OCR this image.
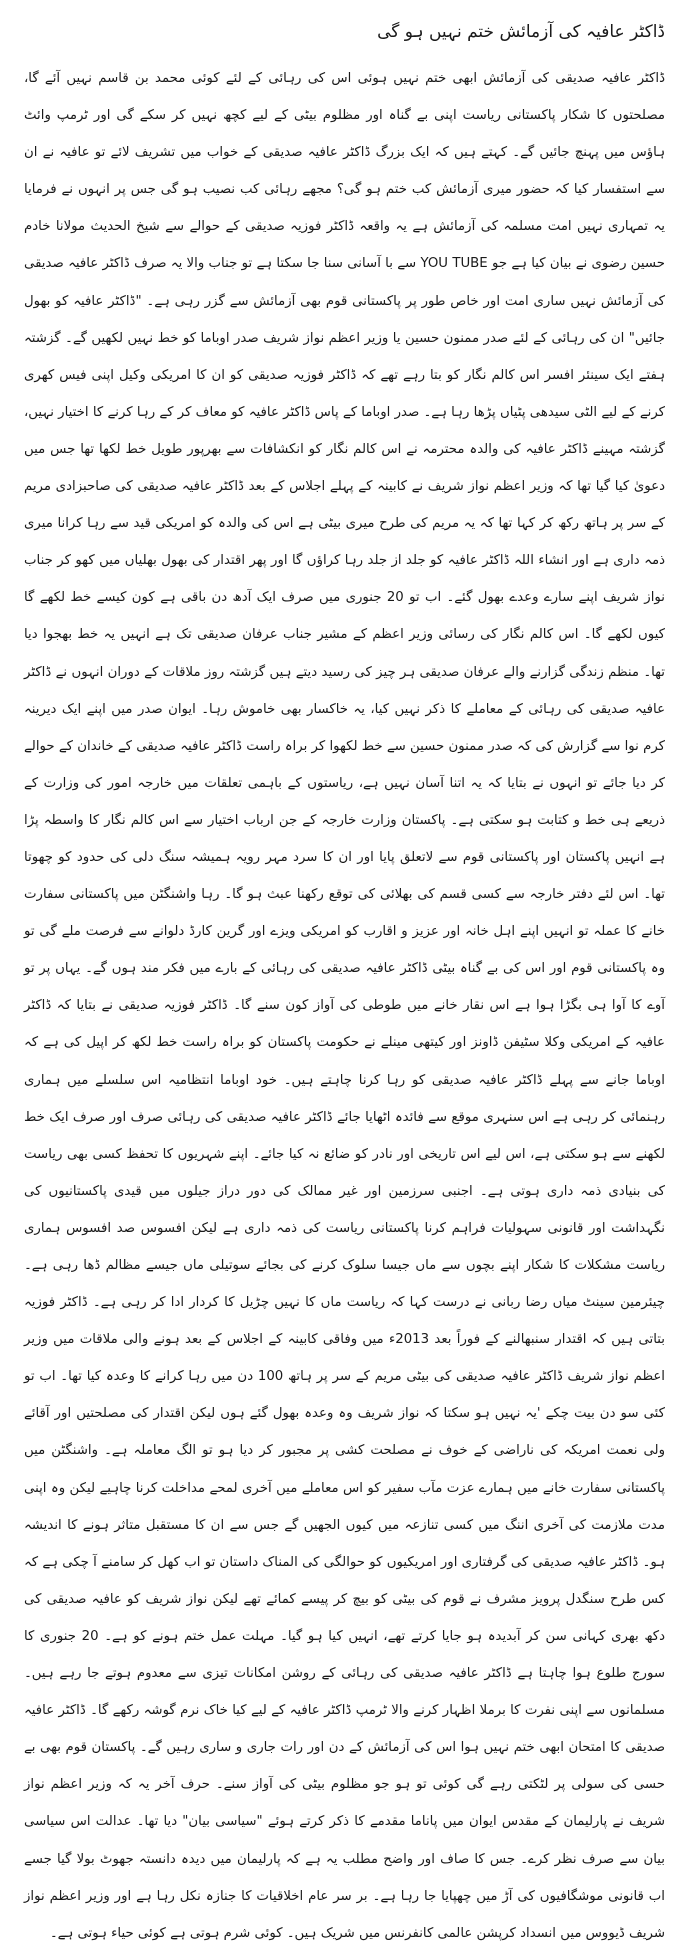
ڈاکٹر عافیہ کی آزمائش ختم نہیں ہو گی

ڈاکٹر عافیہ صدیقی کی آزمائش ابھی ختم نہیں ہوئی اس کی رہائی کے لئے کوئی محمد بن قاسم نہیں آئے گا، مصلحتوں کا شکار پاکستانی ریاست اپنی بے گناہ اور مظلوم بیٹی کے لیے کچھ نہیں کر سکے گی اور ٹرمپ وائٹ ہاؤس میں پہنچ جائیں گے۔ کہتے ہیں کہ ایک بزرگ ڈاکٹر عافیہ صدیقی کے خواب میں تشریف لائے تو عافیہ نے ان سے استفسار کیا کہ حضور میری آزمائش کب ختم ہو گی؟ مجھے رہائی کب نصیب ہو گی جس پر انہوں نے فرمایا یہ تمہاری نہیں امت مسلمہ کی آزمائش ہے یہ واقعہ ڈاکٹر فوزیہ صدیقی کے حوالے سے شیخ الحدیث مولانا خادم حسین رضوی نے بیان کیا ہے جو YOU TUBE سے با آسانی سنا جا سکتا ہے تو جناب والا یہ صرف ڈاکٹر عافیہ صدیقی کی آزمائش نہیں ساری امت اور خاص طور پر پاکستانی قوم بھی آزمائش سے گزر رہی ہے۔ "ڈاکٹر عافیہ کو بھول جائیں" ان کی رہائی کے لئے صدر ممنون حسین یا وزیر اعظم نواز شریف صدر اوباما کو خط نہیں لکھیں گے۔ گزشتہ ہفتے ایک سینئر افسر اس کالم نگار کو بتا رہے تھے کہ ڈاکٹر فوزیہ صدیقی کو ان کا امریکی وکیل اپنی فیس کھری کرنے کے لیے الٹی سیدھی پٹیاں پڑھا رہا ہے۔ صدر اوباما کے پاس ڈاکٹر عافیہ کو معاف کر کے رہا کرنے کا اختیار نہیں، گزشتہ مہینے ڈاکٹر عافیہ کی والدہ محترمہ نے اس کالم نگار کو انکشافات سے بھرپور طویل خط لکھا تھا جس میں دعویٰ کیا گیا تھا کہ وزیر اعظم نواز شریف نے کابینہ کے پہلے اجلاس کے بعد ڈاکٹر عافیہ صدیقی کی صاحبزادی مریم کے سر پر ہاتھ رکھ کر کہا تھا کہ یہ مریم کی طرح میری بیٹی ہے اس کی والدہ کو امریکی قید سے رہا کرانا میری ذمہ داری ہے اور انشاء اللہ ڈاکٹر عافیہ کو جلد از جلد رہا کراؤں گا اور پھر اقتدار کی بھول بھلیاں میں کھو کر جناب نواز شریف اپنے سارے وعدے بھول گئے۔ اب تو 20 جنوری میں صرف ایک آدھ دن باقی ہے کون کیسے خط لکھے گا کیوں لکھے گا۔ اس کالم نگار کی رسائی وزیر اعظم کے مشیر جناب عرفان صدیقی تک ہے انہیں یہ خط بھجوا دیا تھا۔ منظم زندگی گزارنے والے عرفان صدیقی ہر چیز کی رسید دیتے ہیں گزشتہ روز ملاقات کے دوران انہوں نے ڈاکٹر عافیہ صدیقی کی رہائی کے معاملے کا ذکر نہیں کیا، یہ خاکسار بھی خاموش رہا۔ ایوان صدر میں اپنے ایک دیرینہ کرم نوا سے گزارش کی کہ صدر ممنون حسین سے خط لکھوا کر براہ راست ڈاکٹر عافیہ صدیقی کے خاندان کے حوالے کر دیا جائے تو انہوں نے بتایا کہ یہ اتنا آسان نہیں ہے، ریاستوں کے باہمی تعلقات میں خارجہ امور کی وزارت کے ذریعے ہی خط و کتابت ہو سکتی ہے۔ پاکستان وزارت خارجہ کے جن ارباب اختیار سے اس کالم نگار کا واسطہ پڑا ہے انہیں پاکستان اور پاکستانی قوم سے لاتعلق پایا اور ان کا سرد مہر رویہ ہمیشہ سنگ دلی کی حدود کو چھوتا تھا۔ اس لئے دفتر خارجہ سے کسی قسم کی بھلائی کی توقع رکھنا عبث ہو گا۔ رہا واشنگٹن میں پاکستانی سفارت خانے کا عملہ تو انہیں اپنے اہل خانہ اور عزیز و اقارب کو امریکی ویزے اور گرین کارڈ دلوانے سے فرصت ملے گی تو وہ پاکستانی قوم اور اس کی بے گناہ بیٹی ڈاکٹر عافیہ صدیقی کی رہائی کے بارے میں فکر مند ہوں گے۔ یہاں پر تو آوے کا آوا ہی بگڑا ہوا ہے اس نقار خانے میں طوطی کی آواز کون سنے گا۔ ڈاکٹر فوزیہ صدیقی نے بتایا کہ ڈاکٹر عافیہ کے امریکی وکلا سٹیفن ڈاونز اور کیتھی مینلے نے حکومت پاکستان کو براہ راست خط لکھ کر اپیل کی ہے کہ اوباما جانے سے پہلے ڈاکٹر عافیہ صدیقی کو رہا کرنا چاہتے ہیں۔ خود اوباما انتظامیہ اس سلسلے میں ہماری رہنمائی کر رہی ہے اس سنہری موقع سے فائدہ اٹھایا جائے ڈاکٹر عافیہ صدیقی کی رہائی صرف اور صرف ایک خط لکھنے سے ہو سکتی ہے، اس لیے اس تاریخی اور نادر کو ضائع نہ کیا جائے۔ اپنے شہریوں کا تحفظ کسی بھی ریاست کی بنیادی ذمہ داری ہوتی ہے۔ اجنبی سرزمین اور غیر ممالک کی دور دراز جیلوں میں قیدی پاکستانیوں کی نگہداشت اور قانونی سہولیات فراہم کرنا پاکستانی ریاست کی ذمہ داری ہے لیکن افسوس صد افسوس ہماری ریاست مشکلات کا شکار اپنے بچوں سے ماں جیسا سلوک کرنے کی بجائے سوتیلی ماں جیسے مظالم ڈھا رہی ہے۔ چیئرمین سینٹ میاں رضا ربانی نے درست کہا کہ ریاست ماں کا نہیں چڑیل کا کردار ادا کر رہی ہے۔ ڈاکٹر فوزیہ بتاتی ہیں کہ اقتدار سنبھالنے کے فوراً بعد 2013ء میں وفاقی کابینہ کے اجلاس کے بعد ہونے والی ملاقات میں وزیر اعظم نواز شریف ڈاکٹر عافیہ صدیقی کی بیٹی مریم کے سر پر ہاتھ 100 دن میں رہا کرانے کا وعدہ کیا تھا۔ اب تو کئی سو دن بیت چکے 'یہ نہیں ہو سکتا کہ نواز شریف وہ وعدہ بھول گئے ہوں لیکن اقتدار کی مصلحتیں اور آقائے ولی نعمت امریکہ کی ناراضی کے خوف نے مصلحت کشی پر مجبور کر دیا ہو تو الگ معاملہ ہے۔ واشنگٹن میں پاکستانی سفارت خانے میں ہمارے عزت مآب سفیر کو اس معاملے میں آخری لمحے مداخلت کرنا چاہیے لیکن وہ اپنی مدت ملازمت کی آخری اننگ میں کسی تنازعہ میں کیوں الجھیں گے جس سے ان کا مستقبل متاثر ہونے کا اندیشہ ہو۔ ڈاکٹر عافیہ صدیقی کی گرفتاری اور امریکیوں کو حوالگی کی المناک داستان تو اب کھل کر سامنے آ چکی ہے کہ کس طرح سنگدل پرویز مشرف نے قوم کی بیٹی کو بیچ کر پیسے کمائے تھے لیکن نواز شریف کو عافیہ صدیقی کی دکھ بھری کہانی سن کر آبدیدہ ہو جایا کرتے تھے، انہیں کیا ہو گیا۔ مہلت عمل ختم ہونے کو ہے۔ 20 جنوری کا سورج طلوع ہوا چاہتا ہے ڈاکٹر عافیہ صدیقی کی رہائی کے روشن امکانات تیزی سے معدوم ہوتے جا رہے ہیں۔ مسلمانوں سے اپنی نفرت کا برملا اظہار کرنے والا ٹرمپ ڈاکٹر عافیہ کے لیے کیا خاک نرم گوشہ رکھے گا۔ ڈاکٹر عافیہ صدیقی کا امتحان ابھی ختم نہیں ہوا اس کی آزمائش کے دن اور رات جاری و ساری رہیں گے۔ پاکستان قوم بھی بے حسی کی سولی پر لٹکتی رہے گی کوئی تو ہو جو مظلوم بیٹی کی آواز سنے۔ حرف آخر یہ کہ وزیر اعظم نواز شریف نے پارلیمان کے مقدس ایوان میں پاناما مقدمے کا ذکر کرتے ہوئے "سیاسی بیان" دیا تھا۔ عدالت اس سیاسی بیان سے صرف نظر کرے۔ جس کا صاف اور واضح مطلب یہ ہے کہ پارلیمان میں دیدہ دانستہ جھوٹ بولا گیا جسے اب قانونی موشگافیوں کی آڑ میں چھپایا جا رہا ہے۔ بر سر عام اخلاقیات کا جنازہ نکل رہا ہے اور وزیر اعظم نواز شریف ڈیووس میں انسداد کرپشن عالمی کانفرنس میں شریک ہیں۔ کوئی شرم ہوتی ہے کوئی حیاء ہوتی ہے۔
